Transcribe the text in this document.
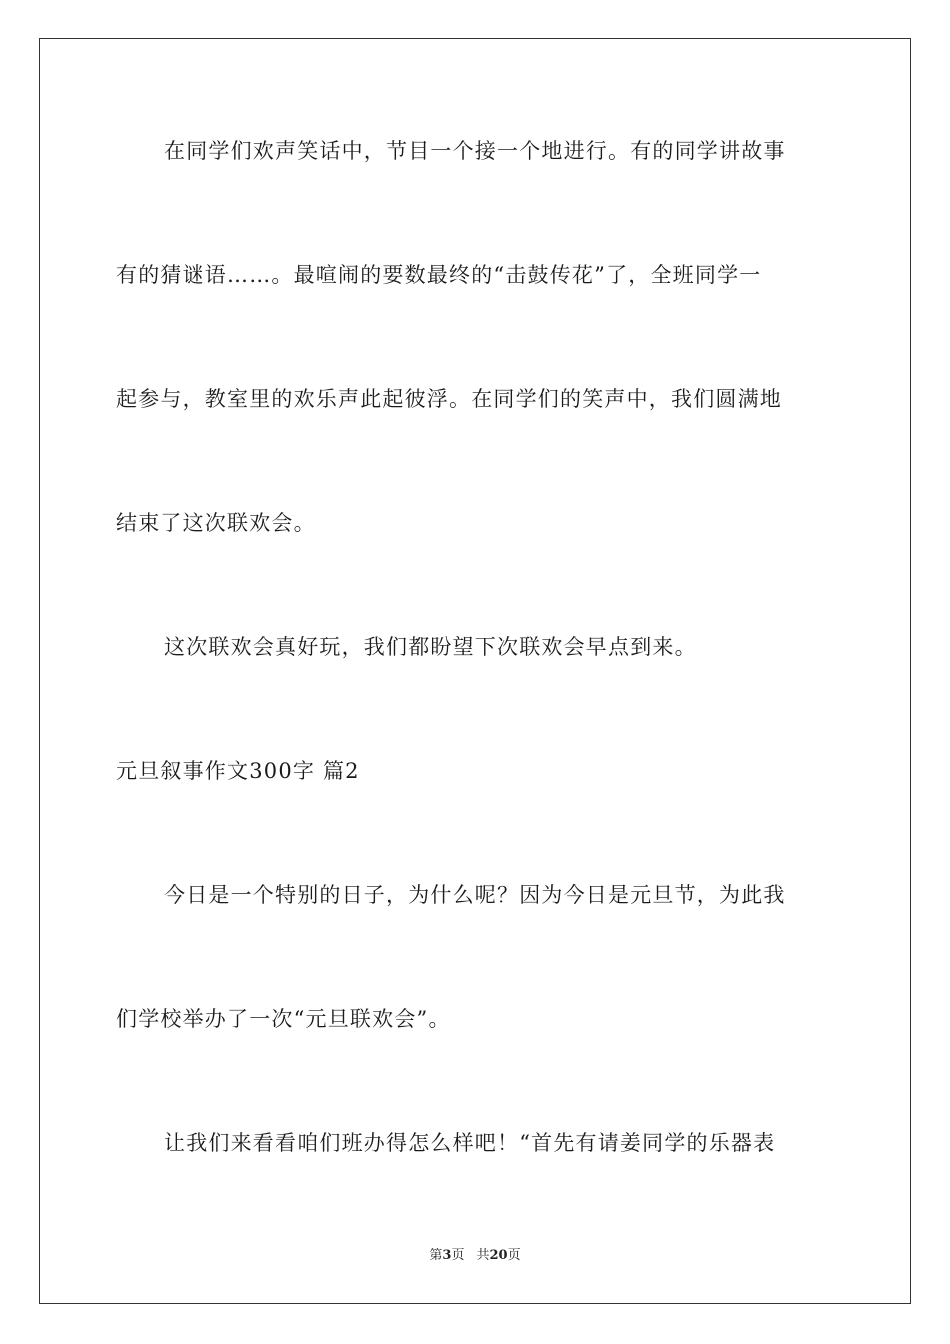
在同学们欢声笑话中，节目一个接一个地进行。有的同学讲故事
有的猜谜语……。最喧闹的要数最终的“击鼓传花”了，全班同学一
起参与，教室里的欢乐声此起彼浮。在同学们的笑声中，我们圆满地
结束了这次联欢会。
这次联欢会真好玩，我们都盼望下次联欢会早点到来。
元旦叙事作文300字 篇2
今日是一个特别的日子，为什么呢？因为今日是元旦节，为此我
们学校举办了一次“元旦联欢会”。
让我们来看看咱们班办得怎么样吧！“首先有请姜同学的乐器表
第3页 共20页
